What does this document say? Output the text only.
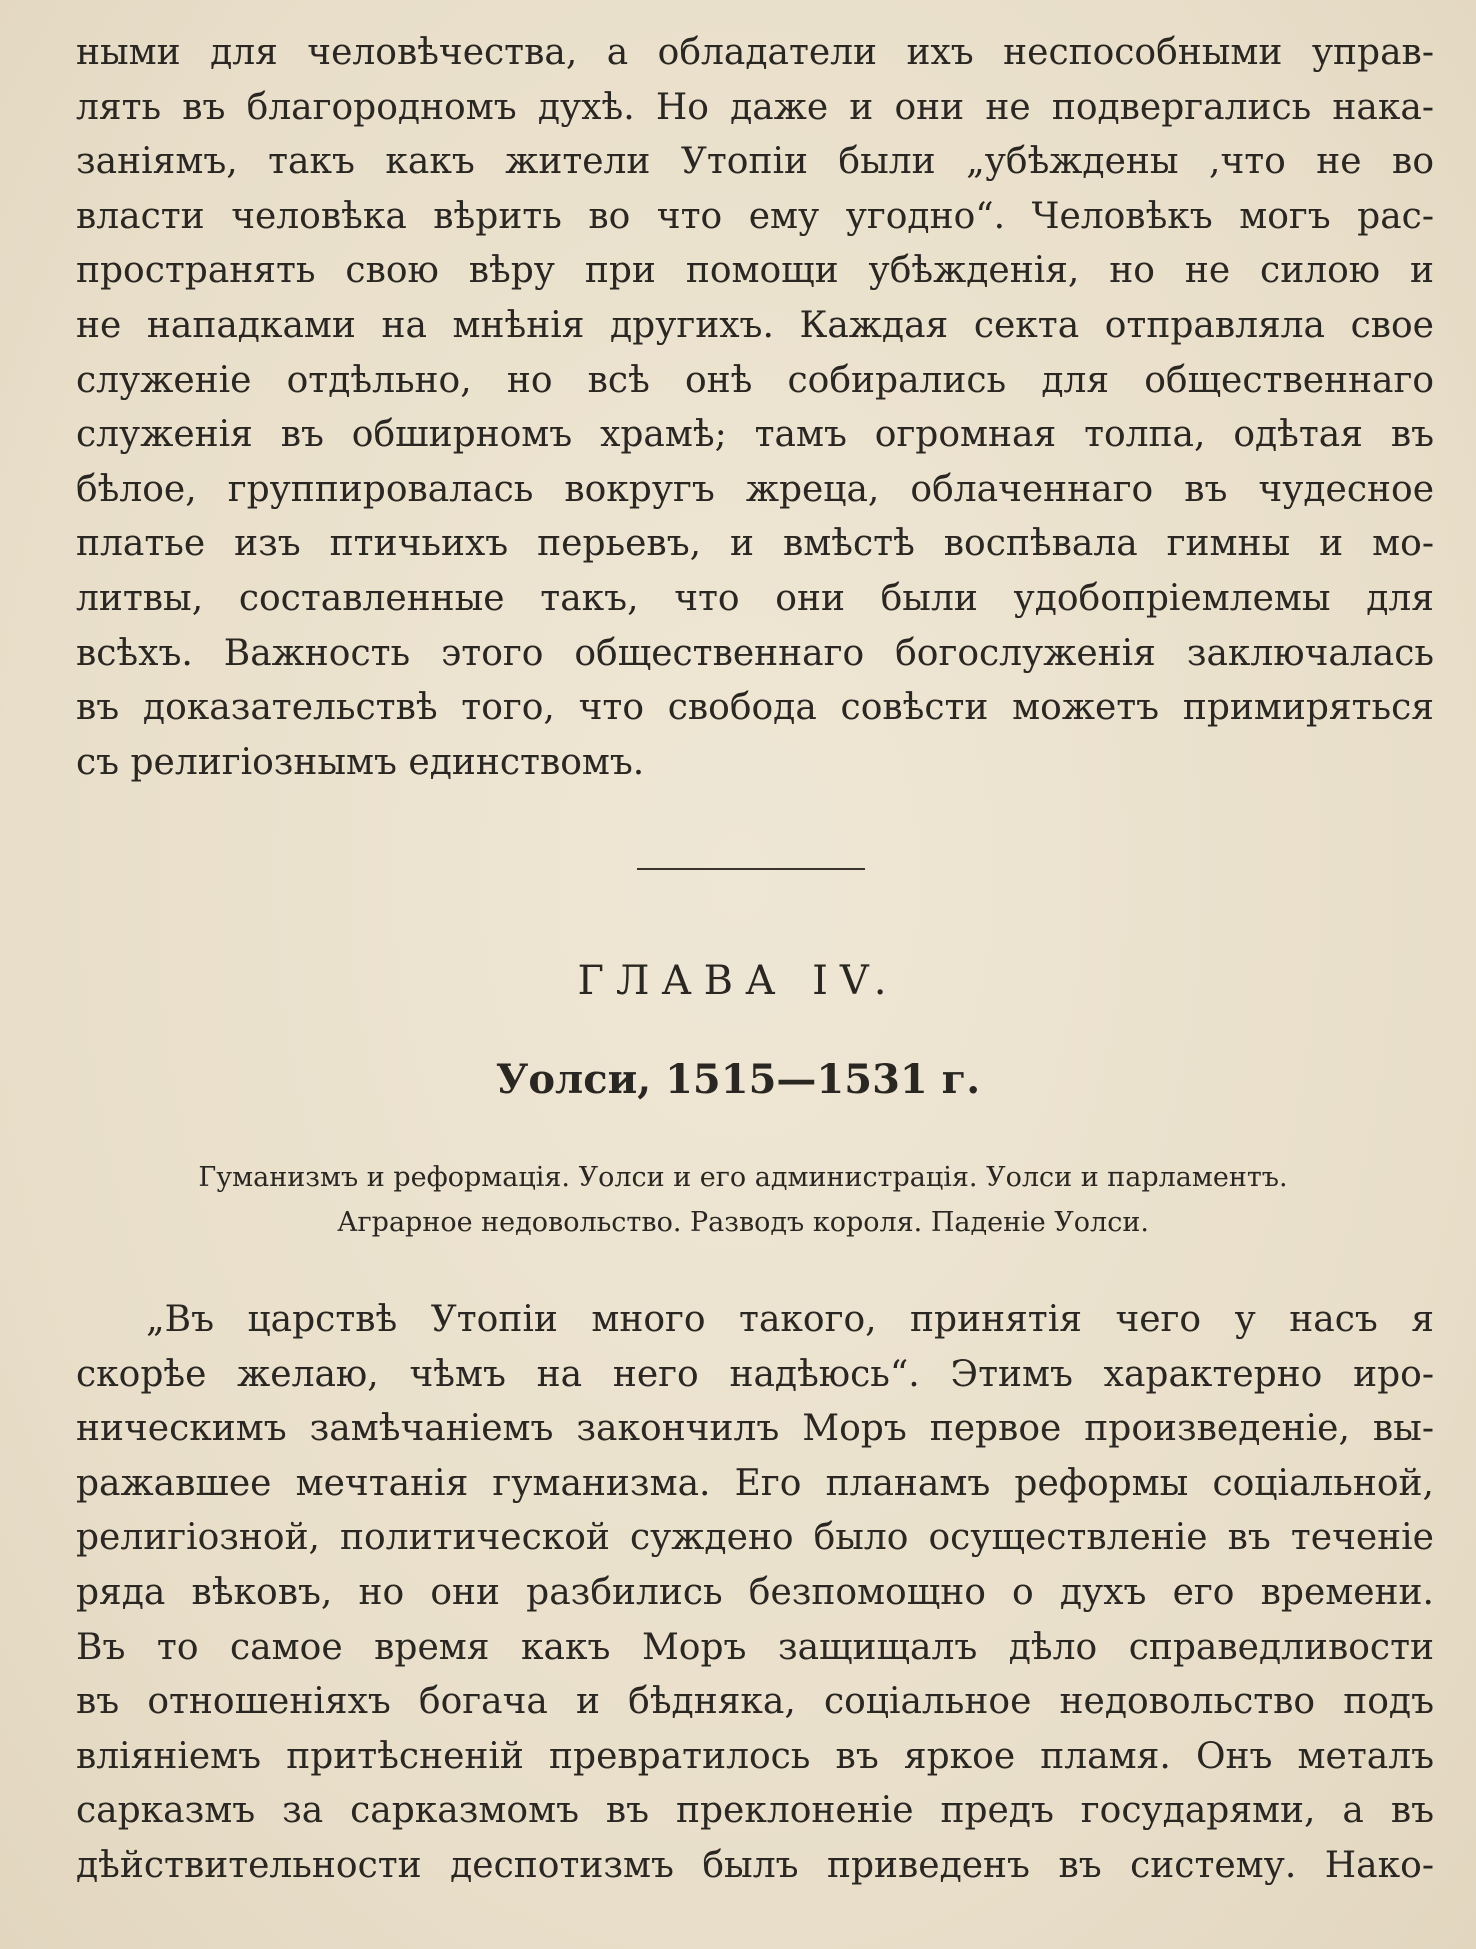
ными для человѣчества, а обладатели ихъ неспособными управ-
лять въ благородномъ духѣ. Но даже и они не подвергались нака-
заніямъ, такъ какъ жители Утопіи были „убѣждены ,что не во
власти человѣка вѣрить во что ему угодно“. Человѣкъ могъ рас-
пространять свою вѣру при помощи убѣжденія, но не силою и
не нападками на мнѣнія другихъ. Каждая секта отправляла свое
служеніе отдѣльно, но всѣ онѣ собирались для общественнаго
служенія въ обширномъ храмѣ; тамъ огромная толпа, одѣтая въ
бѣлое, группировалась вокругъ жреца, облаченнаго въ чудесное
платье изъ птичьихъ перьевъ, и вмѣстѣ воспѣвала гимны и мо-
литвы, составленные такъ, что они были удобопріемлемы для
всѣхъ. Важность этого общественнаго богослуженія заключалась
въ доказательствѣ того, что свобода совѣсти можетъ примиряться
съ религіознымъ единствомъ.

ГЛАВА IV.
Уолси, 1515—1531 г.
Гуманизмъ и реформація. Уолси и его администрація. Уолси и парламентъ.
Аграрное недовольство. Разводъ короля. Паденіе Уолси.

„Въ царствѣ Утопіи много такого, принятія чего у насъ я
скорѣе желаю, чѣмъ на него надѣюсь“. Этимъ характерно иро-
ническимъ замѣчаніемъ закончилъ Моръ первое произведеніе, вы-
ражавшее мечтанія гуманизма. Его планамъ реформы соціальной,
религіозной, политической суждено было осуществленіе въ теченіе
ряда вѣковъ, но они разбились безпомощно о духъ его времени.
Въ то самое время какъ Моръ защищалъ дѣло справедливости
въ отношеніяхъ богача и бѣдняка, соціальное недовольство подъ
вліяніемъ притѣсненій превратилось въ яркое пламя. Онъ металъ
сарказмъ за сарказмомъ въ преклоненіе предъ государями, а въ
дѣйствительности деспотизмъ былъ приведенъ въ систему. Нако-
